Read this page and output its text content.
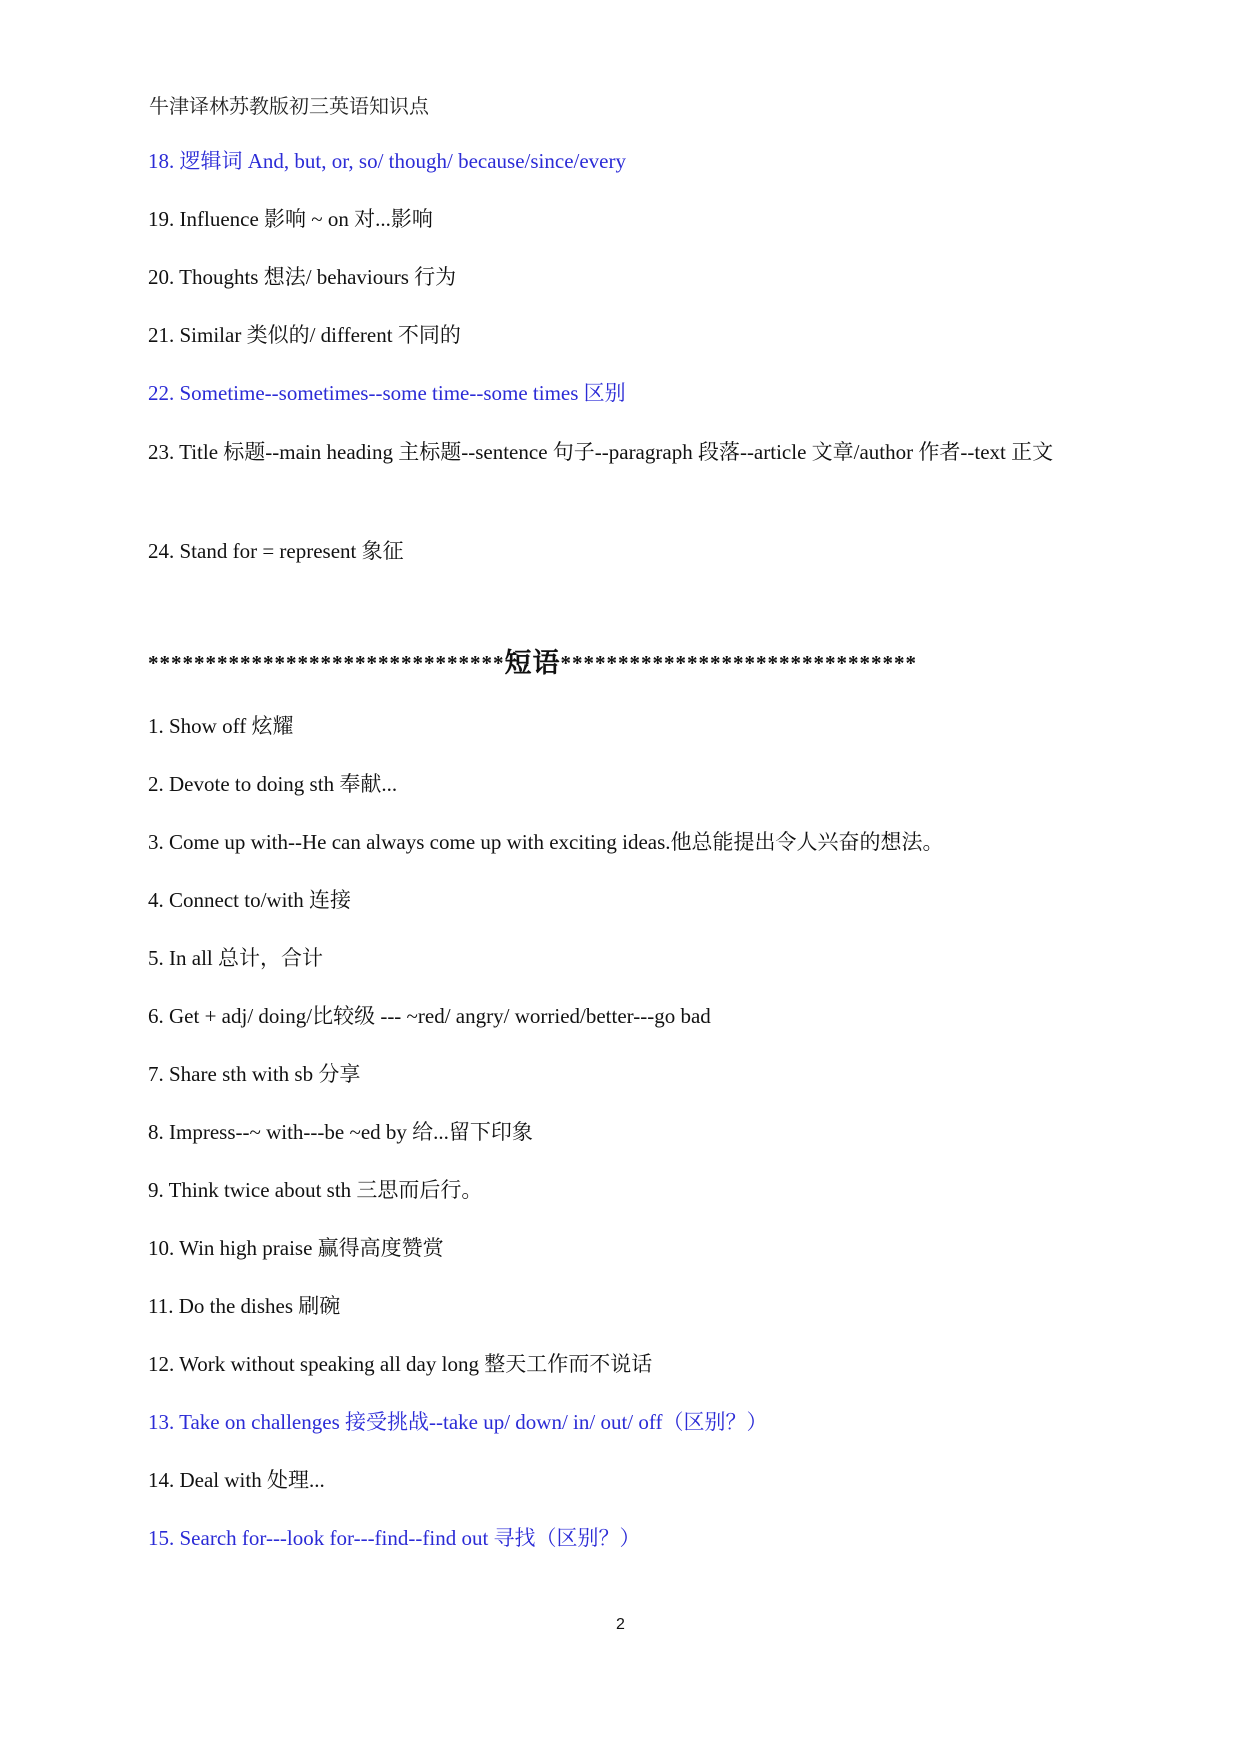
牛津译林苏教版初三英语知识点
18. 逻辑词 And, but, or, so/ though/ because/since/every
19. Influence 影响 ~ on 对...影响
20. Thoughts 想法/ behaviours 行为
21. Similar 类似的/ different 不同的
22. Sometime--sometimes--some time--some times 区别
23. Title 标题--main heading 主标题--sentence 句子--paragraph 段落--article 文章/author 作者--text 正文
24. Stand for = represent 象征
*******************************短语*******************************
1. Show off 炫耀
2. Devote to doing sth 奉献...
3. Come up with--He can always come up with exciting ideas.他总能提出令人兴奋的想法。
4. Connect to/with 连接
5. In all 总计，合计
6. Get + adj/ doing/比较级 --- ~red/ angry/ worried/better---go bad
7. Share sth with sb 分享
8. Impress--~ with---be ~ed by 给...留下印象
9. Think twice about sth 三思而后行。
10. Win high praise 赢得高度赞赏
11. Do the dishes 刷碗
12. Work without speaking all day long 整天工作而不说话
13. Take on challenges 接受挑战--take up/ down/ in/ out/ off（区别？）
14. Deal with 处理...
15. Search for---look for---find--find out 寻找（区别？）
2
